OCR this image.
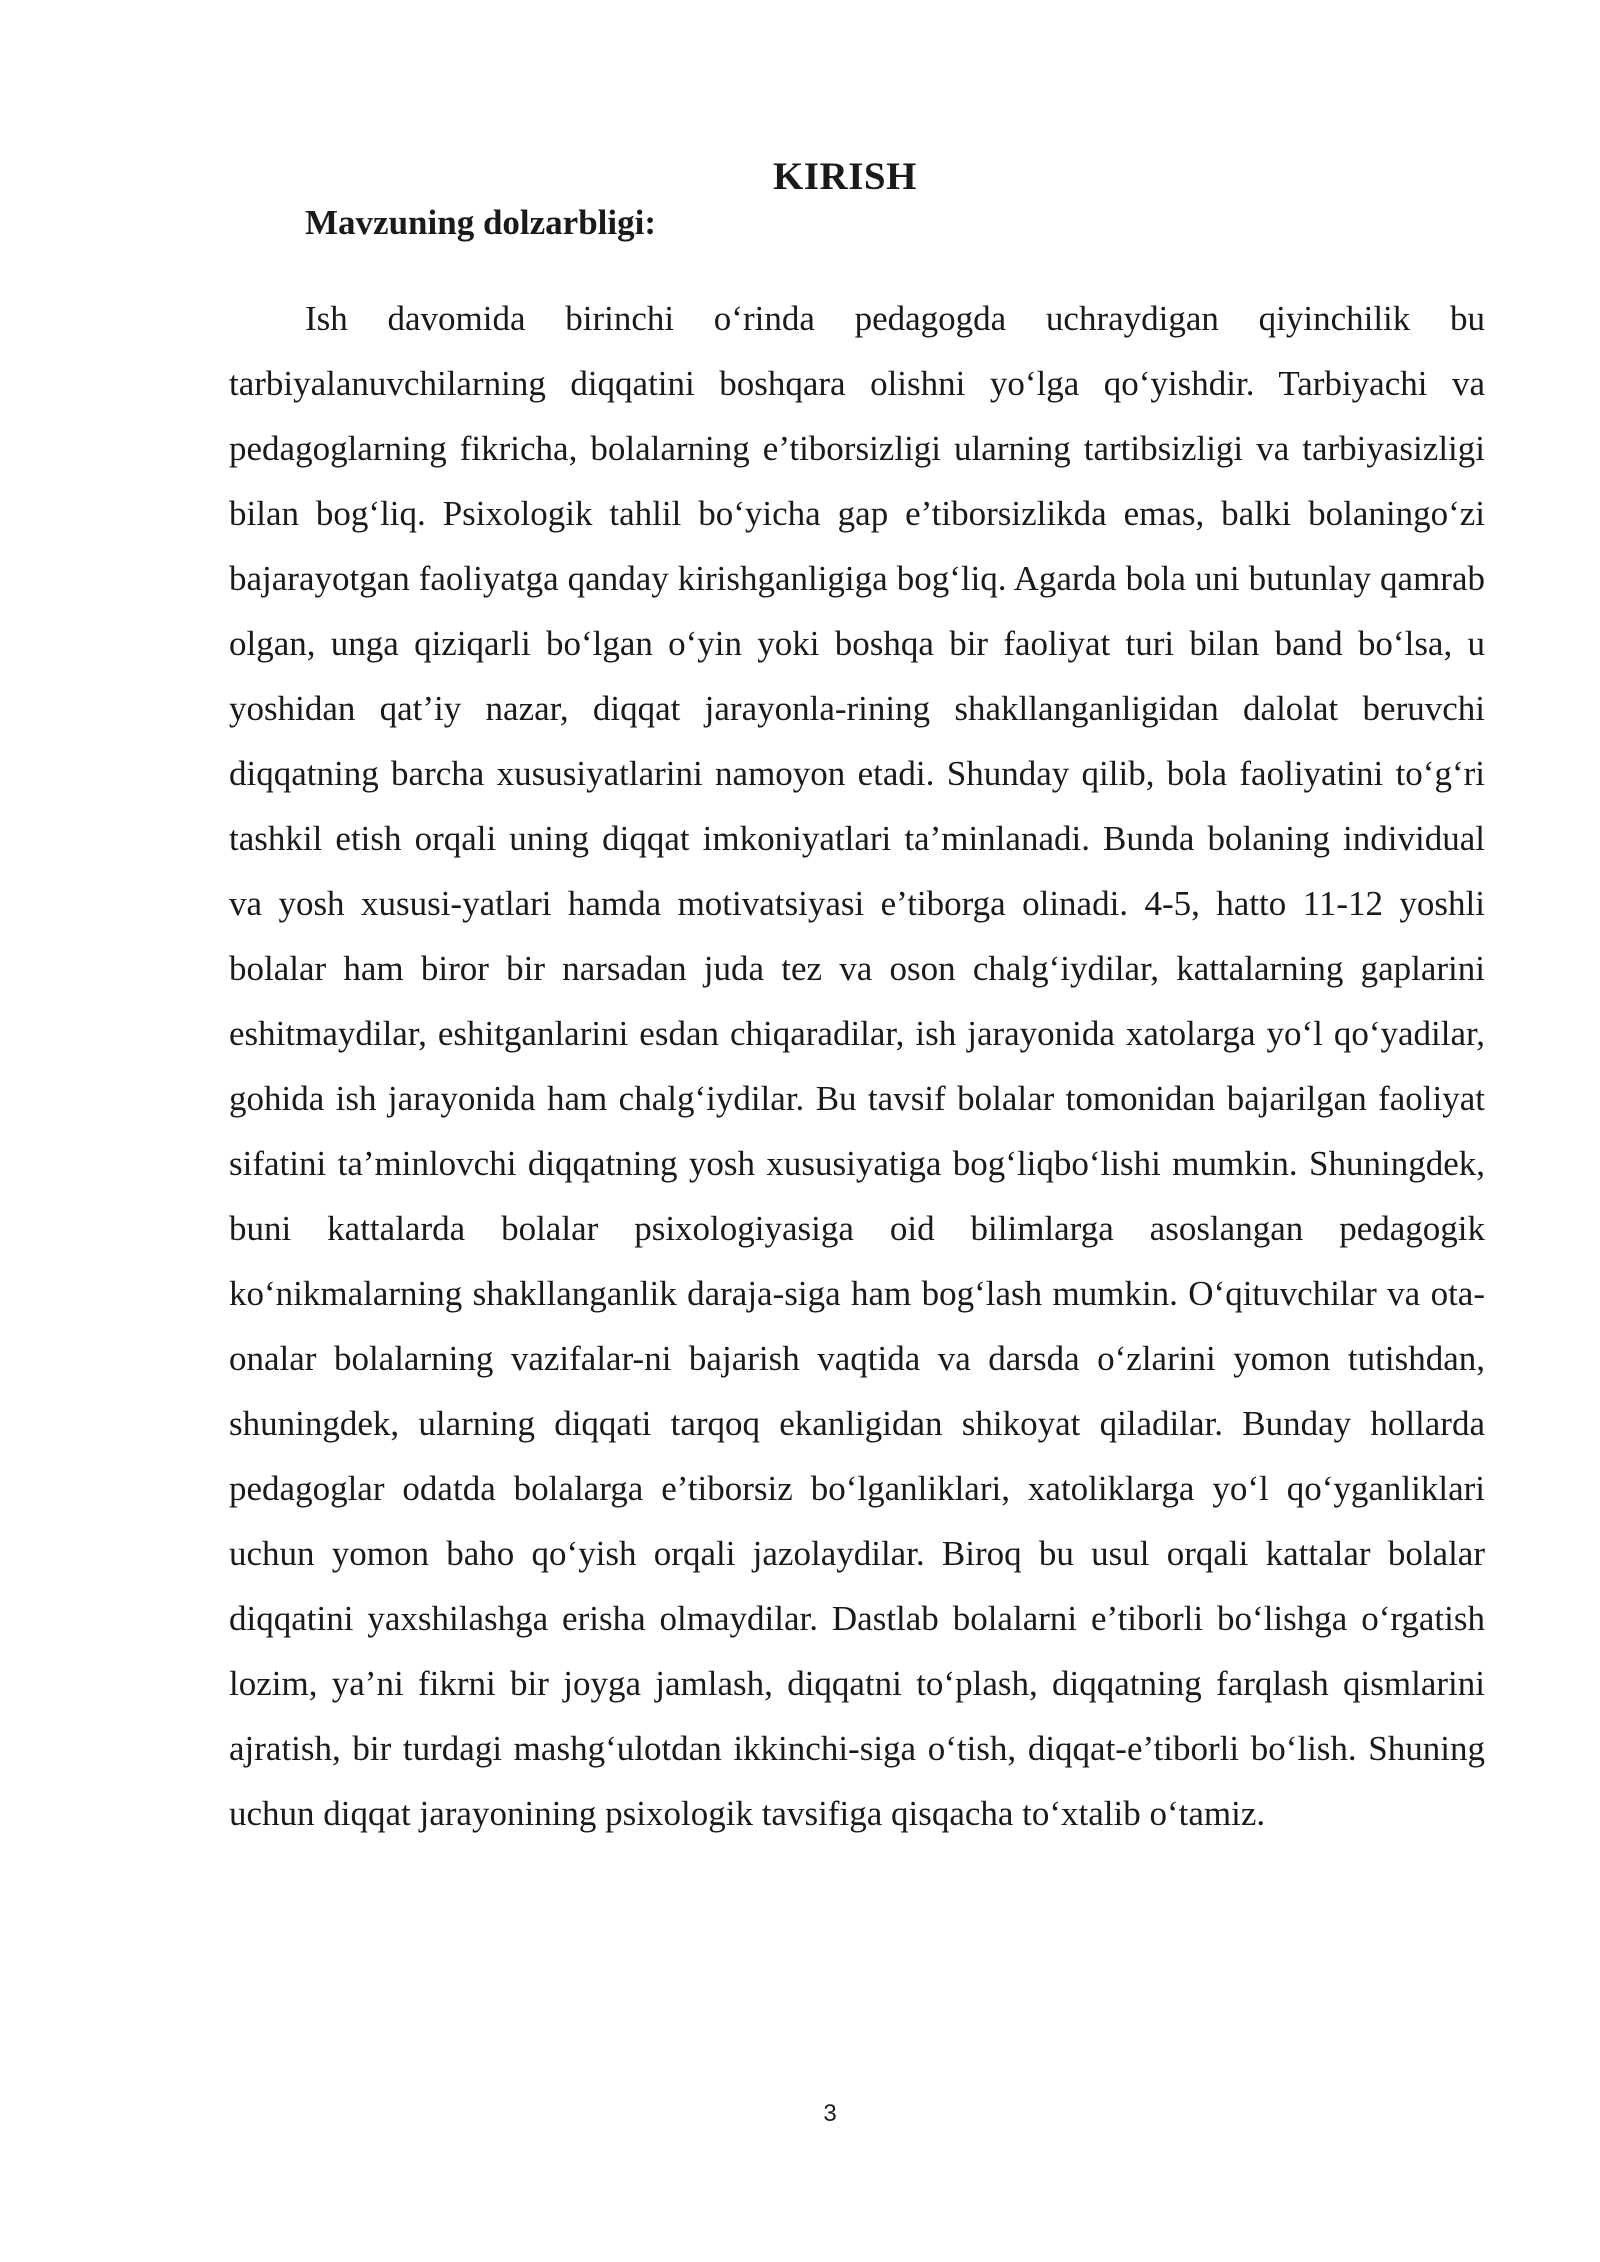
KIRISH
Mavzuning dolzarbligi:

Ish davomida birinchi o‘rinda pedagogda uchraydigan qiyinchilik bu tarbiyalanuvchilarning diqqatini boshqara olishni yo‘lga qo‘yishdir. Tarbiyachi va pedagoglarning fikricha, bolalarning e’tiborsizligi ularning tartibsizligi va tarbiyasizligi bilan bog‘liq. Psixologik tahlil bo‘yicha gap e’tiborsizlikda emas, balki bolaningo‘zi bajarayotgan faoliyatga qanday kirishganligiga bog‘liq. Agarda bola uni butunlay qamrab olgan, unga qiziqarli bo‘lgan o‘yin yoki boshqa bir faoliyat turi bilan band bo‘lsa, u yoshidan qat’iy nazar, diqqat jarayonla-rining shakllanganligidan dalolat beruvchi diqqatning barcha xususiyatlarini namoyon etadi. Shunday qilib, bola faoliyatini to‘g‘ri tashkil etish orqali uning diqqat imkoniyatlari ta’minlanadi. Bunda bolaning individual va yosh xususi-yatlari hamda motivatsiyasi e’tiborga olinadi. 4-5, hatto 11-12 yoshli bolalar ham biror bir narsadan juda tez va oson chalg‘iydilar, kattalarning gaplarini eshitmaydilar, eshitganlarini esdan chiqaradilar, ish jarayonida xatolarga yo‘l qo‘yadilar, gohida ish jarayonida ham chalg‘iydilar. Bu tavsif bolalar tomonidan bajarilgan faoliyat sifatini ta’minlovchi diqqatning yosh xususiyatiga bog‘liqbo‘lishi mumkin. Shuningdek, buni kattalarda bolalar psixologiyasiga oid bilimlarga asoslangan pedagogik ko‘nikmalarning shakllanganlik daraja-siga ham bog‘lash mumkin. O‘qituvchilar va ota-onalar bolalarning vazifalar-ni bajarish vaqtida va darsda o‘zlarini yomon tutishdan, shuningdek, ularning diqqati tarqoq ekanligidan shikoyat qiladilar. Bunday hollarda pedagoglar odatda bolalarga e’tiborsiz bo‘lganliklari, xatoliklarga yo‘l qo‘yganliklari uchun yomon baho qo‘yish orqali jazolaydilar. Biroq bu usul orqali kattalar bolalar diqqatini yaxshilashga erisha olmaydilar. Dastlab bolalarni e’tiborli bo‘lishga o‘rgatish lozim, ya’ni fikrni bir joyga jamlash, diqqatni to‘plash, diqqatning farqlash qismlarini ajratish, bir turdagi mashg‘ulotdan ikkinchi-siga o‘tish, diqqat-e’tiborli bo‘lish. Shuning uchun diqqat jarayonining psixologik tavsifiga qisqacha to‘xtalib o‘tamiz.

3
